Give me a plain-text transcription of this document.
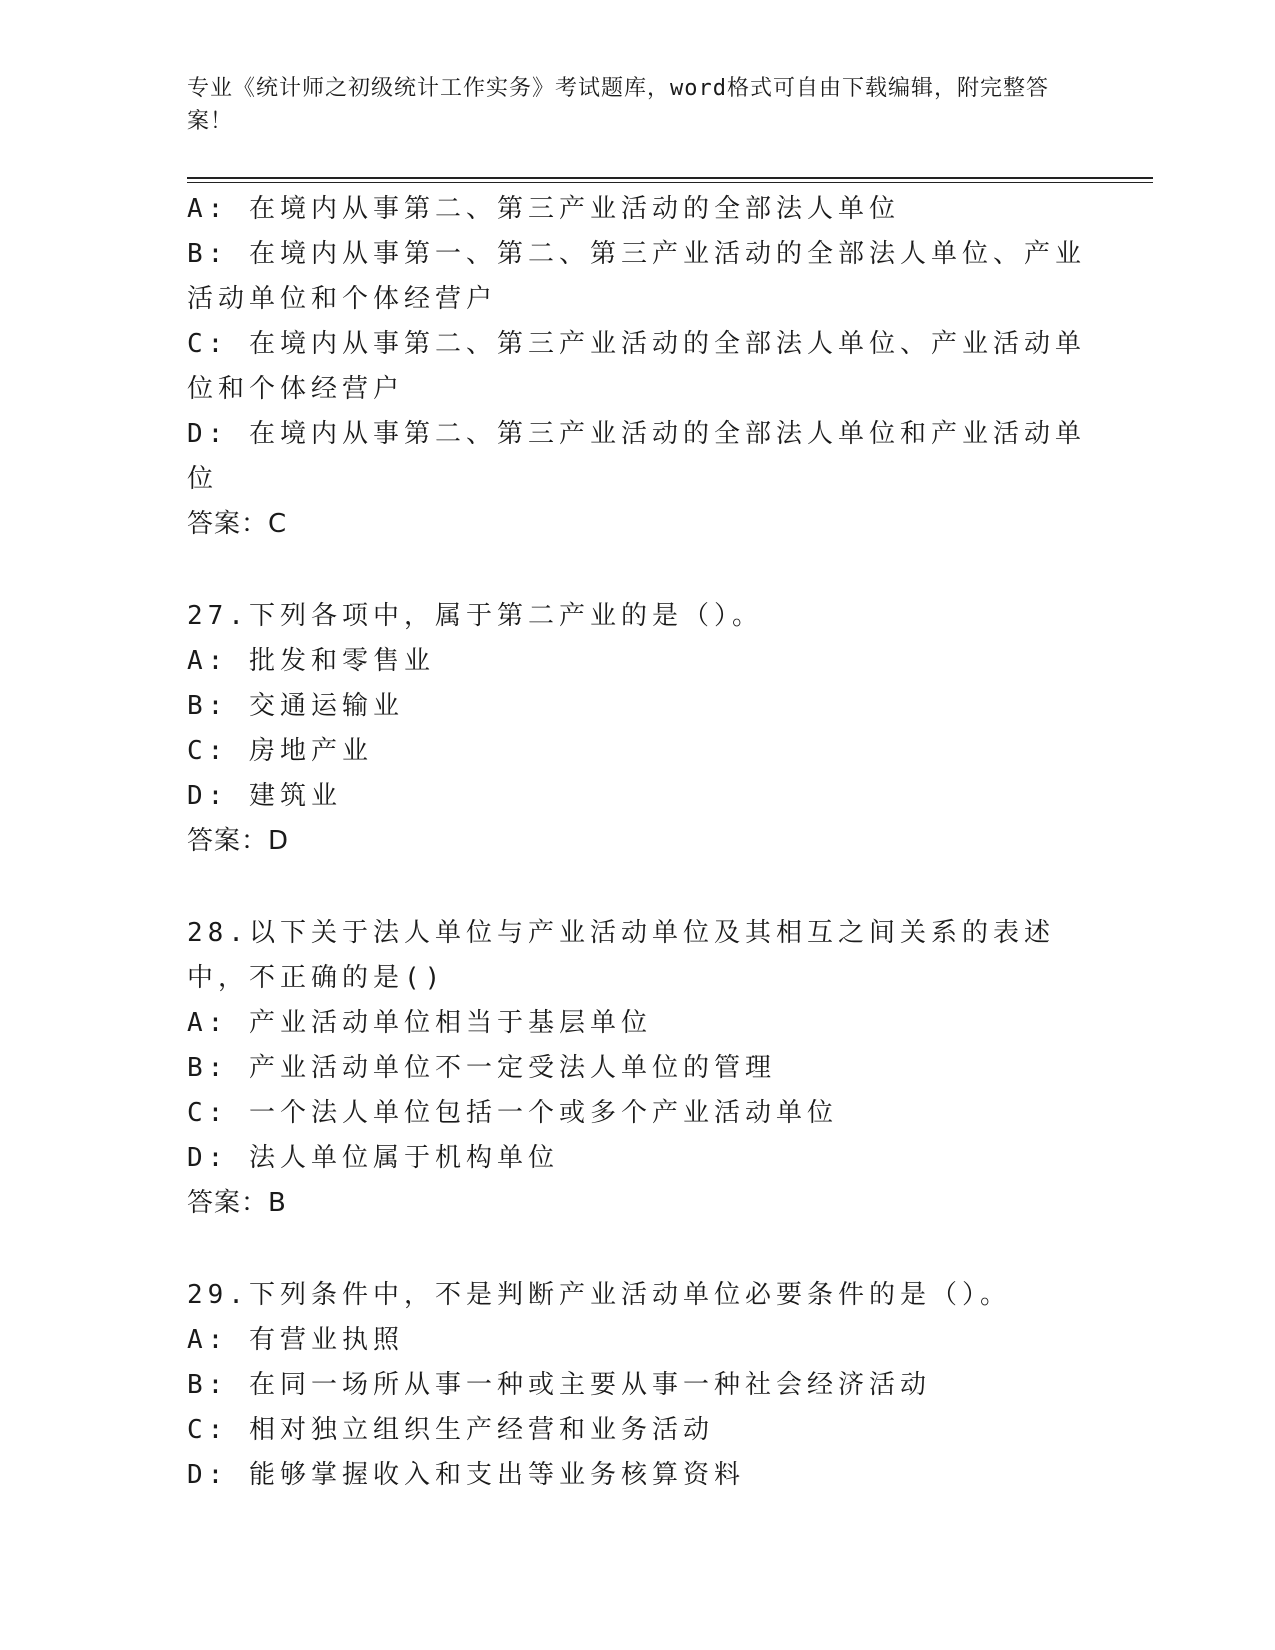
专业《统计师之初级统计工作实务》考试题库，word格式可自由下载编辑，附完整答案！
A: 在境内从事第二、第三产业活动的全部法人单位
B: 在境内从事第一、第二、第三产业活动的全部法人单位、产业活动单位和个体经营户
C: 在境内从事第二、第三产业活动的全部法人单位、产业活动单位和个体经营户
D: 在境内从事第二、第三产业活动的全部法人单位和产业活动单位
答案：C
27.下列各项中，属于第二产业的是（）。
A: 批发和零售业
B: 交通运输业
C: 房地产业
D: 建筑业
答案：D
28.以下关于法人单位与产业活动单位及其相互之间关系的表述中，不正确的是()
A: 产业活动单位相当于基层单位
B: 产业活动单位不一定受法人单位的管理
C: 一个法人单位包括一个或多个产业活动单位
D: 法人单位属于机构单位
答案：B
29.下列条件中，不是判断产业活动单位必要条件的是（）。
A: 有营业执照
B: 在同一场所从事一种或主要从事一种社会经济活动
C: 相对独立组织生产经营和业务活动
D: 能够掌握收入和支出等业务核算资料
